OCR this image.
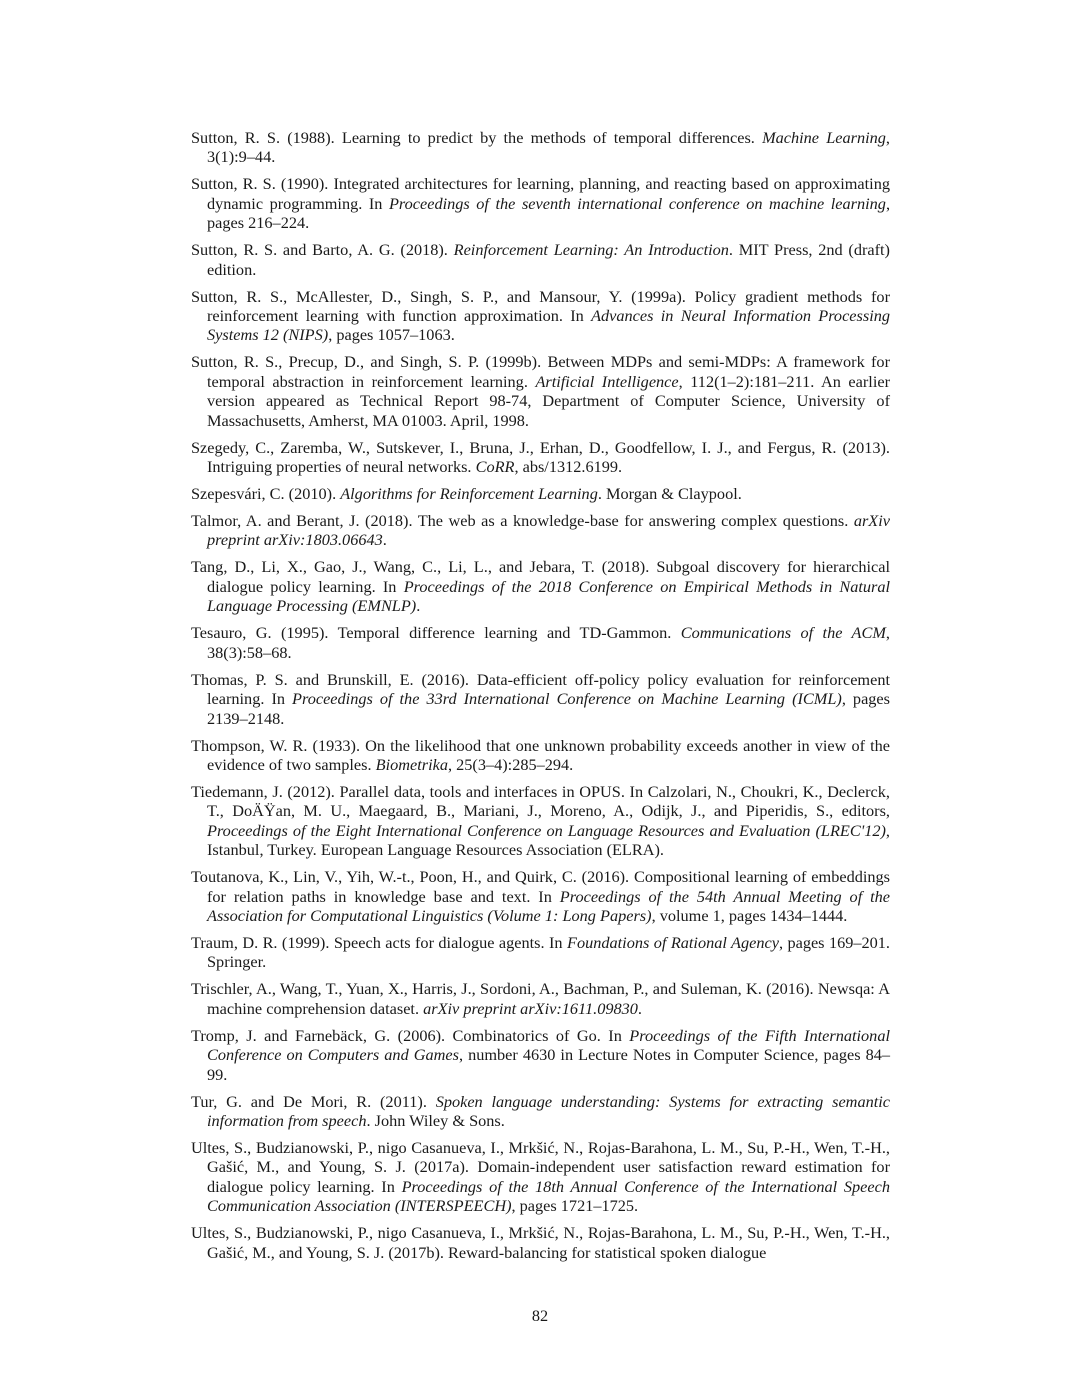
Sutton, R. S. (1988). Learning to predict by the methods of temporal differences. Machine Learning, 3(1):9–44.

Sutton, R. S. (1990). Integrated architectures for learning, planning, and reacting based on approximating dynamic programming. In Proceedings of the seventh international conference on machine learning, pages 216–224.

Sutton, R. S. and Barto, A. G. (2018). Reinforcement Learning: An Introduction. MIT Press, 2nd (draft) edition.

Sutton, R. S., McAllester, D., Singh, S. P., and Mansour, Y. (1999a). Policy gradient methods for reinforcement learning with function approximation. In Advances in Neural Information Processing Systems 12 (NIPS), pages 1057–1063.

Sutton, R. S., Precup, D., and Singh, S. P. (1999b). Between MDPs and semi-MDPs: A framework for temporal abstraction in reinforcement learning. Artificial Intelligence, 112(1–2):181–211. An earlier version appeared as Technical Report 98-74, Department of Computer Science, University of Massachusetts, Amherst, MA 01003. April, 1998.

Szegedy, C., Zaremba, W., Sutskever, I., Bruna, J., Erhan, D., Goodfellow, I. J., and Fergus, R. (2013). Intriguing properties of neural networks. CoRR, abs/1312.6199.

Szepesvári, C. (2010). Algorithms for Reinforcement Learning. Morgan & Claypool.

Talmor, A. and Berant, J. (2018). The web as a knowledge-base for answering complex questions. arXiv preprint arXiv:1803.06643.

Tang, D., Li, X., Gao, J., Wang, C., Li, L., and Jebara, T. (2018). Subgoal discovery for hierarchical dialogue policy learning. In Proceedings of the 2018 Conference on Empirical Methods in Natural Language Processing (EMNLP).

Tesauro, G. (1995). Temporal difference learning and TD-Gammon. Communications of the ACM, 38(3):58–68.

Thomas, P. S. and Brunskill, E. (2016). Data-efficient off-policy policy evaluation for reinforcement learning. In Proceedings of the 33rd International Conference on Machine Learning (ICML), pages 2139–2148.

Thompson, W. R. (1933). On the likelihood that one unknown probability exceeds another in view of the evidence of two samples. Biometrika, 25(3–4):285–294.

Tiedemann, J. (2012). Parallel data, tools and interfaces in OPUS. In Calzolari, N., Choukri, K., Declerck, T., DoÄŸan, M. U., Maegaard, B., Mariani, J., Moreno, A., Odijk, J., and Piperidis, S., editors, Proceedings of the Eight International Conference on Language Resources and Evaluation (LREC'12), Istanbul, Turkey. European Language Resources Association (ELRA).

Toutanova, K., Lin, V., Yih, W.-t., Poon, H., and Quirk, C. (2016). Compositional learning of embeddings for relation paths in knowledge base and text. In Proceedings of the 54th Annual Meeting of the Association for Computational Linguistics (Volume 1: Long Papers), volume 1, pages 1434–1444.

Traum, D. R. (1999). Speech acts for dialogue agents. In Foundations of Rational Agency, pages 169–201. Springer.

Trischler, A., Wang, T., Yuan, X., Harris, J., Sordoni, A., Bachman, P., and Suleman, K. (2016). Newsqa: A machine comprehension dataset. arXiv preprint arXiv:1611.09830.

Tromp, J. and Farnebäck, G. (2006). Combinatorics of Go. In Proceedings of the Fifth International Conference on Computers and Games, number 4630 in Lecture Notes in Computer Science, pages 84–99.

Tur, G. and De Mori, R. (2011). Spoken language understanding: Systems for extracting semantic information from speech. John Wiley & Sons.

Ultes, S., Budzianowski, P., nigo Casanueva, I., Mrkšić, N., Rojas-Barahona, L. M., Su, P.-H., Wen, T.-H., Gašić, M., and Young, S. J. (2017a). Domain-independent user satisfaction reward estimation for dialogue policy learning. In Proceedings of the 18th Annual Conference of the International Speech Communication Association (INTERSPEECH), pages 1721–1725.

Ultes, S., Budzianowski, P., nigo Casanueva, I., Mrkšić, N., Rojas-Barahona, L. M., Su, P.-H., Wen, T.-H., Gašić, M., and Young, S. J. (2017b). Reward-balancing for statistical spoken dialogue

82
